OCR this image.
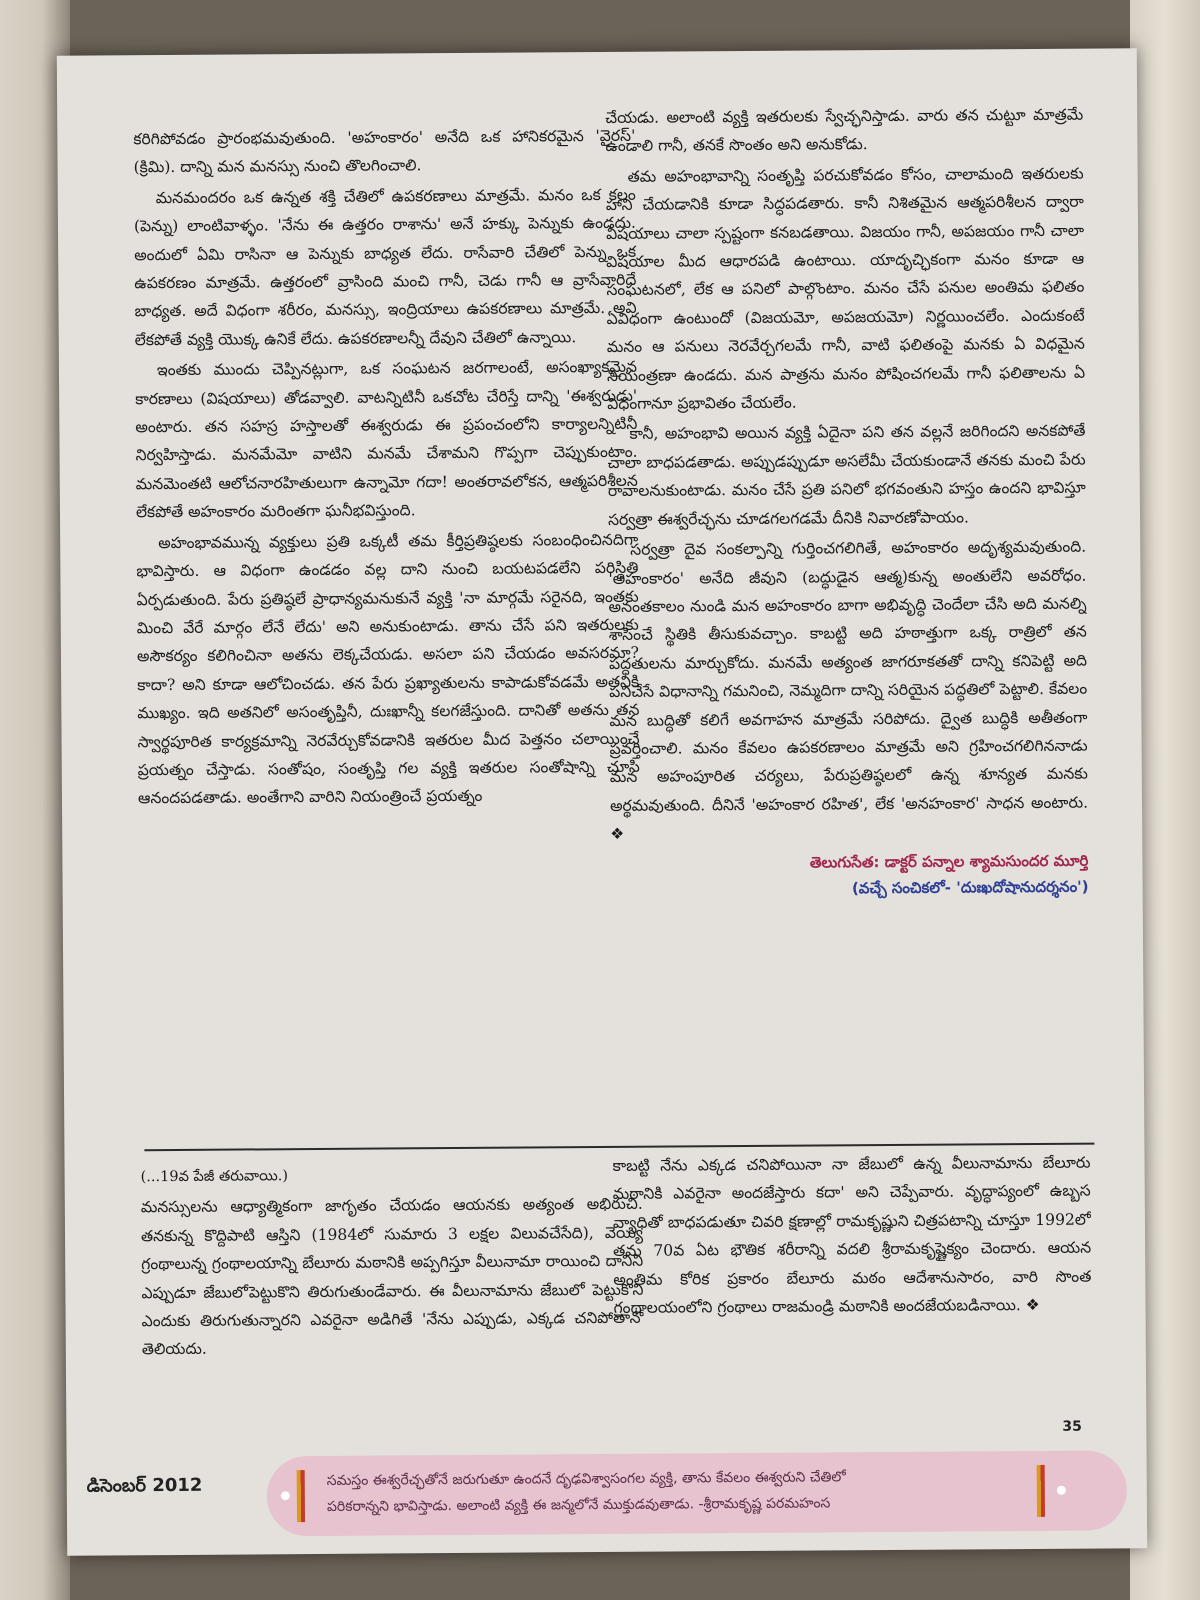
కరిగిపోవడం ప్రారంభమవుతుంది. 'అహంకారం' అనేది ఒక హానికరమైన 'వైరస్' (క్రిమి). దాన్ని మన మనస్సు నుంచి తొలగించాలి.

మనమందరం ఒక ఉన్నత శక్తి చేతిలో ఉపకరణాలు మాత్రమే. మనం ఒక కలం (పెన్ను) లాంటివాళ్ళం. 'నేను ఈ ఉత్తరం రాశాను' అనే హక్కు పెన్నుకు ఉండదు. అందులో ఏమి రాసినా ఆ పెన్నుకు బాధ్యత లేదు. రాసేవారి చేతిలో పెన్ను ఒక ఉపకరణం మాత్రమే. ఉత్తరంలో వ్రాసింది మంచి గానీ, చెడు గానీ ఆ వ్రాసేవారిదే బాధ్యత. అదే విధంగా శరీరం, మనస్సు, ఇంద్రియాలు ఉపకరణాలు మాత్రమే. అవి లేకపోతే వ్యక్తి యొక్క ఉనికే లేదు. ఉపకరణాలన్నీ దేవుని చేతిలో ఉన్నాయి.

ఇంతకు ముందు చెప్పినట్లుగా, ఒక సంఘటన జరగాలంటే, అసంఖ్యాకమైన కారణాలు (విషయాలు) తోడవ్వాలి. వాటన్నిటినీ ఒకచోట చేరిస్తే దాన్ని 'ఈశ్వరుడు' అంటారు. తన సహస్ర హస్తాలతో ఈశ్వరుడు ఈ ప్రపంచంలోని కార్యాలన్నిటినీ నిర్వహిస్తాడు. మనమేమో వాటిని మనమే చేశామని గొప్పగా చెప్పుకుంటాం. మనమెంతటి ఆలోచనారహితులుగా ఉన్నామో గదా! అంతరావలోకన, ఆత్మపరిశీలన లేకపోతే అహంకారం మరింతగా ఘనీభవిస్తుంది.

అహంభావమున్న వ్యక్తులు ప్రతి ఒక్కటీ తమ కీర్తిప్రతిష్ఠలకు సంబంధించినదిగా భావిస్తారు. ఆ విధంగా ఉండడం వల్ల దాని నుంచి బయటపడలేని పరిస్థితి ఏర్పడుతుంది. పేరు ప్రతిష్ఠలే ప్రాధాన్యమనుకునే వ్యక్తి 'నా మార్గమే సరైనది, ఇంతకు మించి వేరే మార్గం లేనే లేదు' అని అనుకుంటాడు. తాను చేసే పని ఇతరులకు అసౌకర్యం కలిగించినా అతను లెక్కచేయడు. అసలా పని చేయడం అవసరమా? కాదా? అని కూడా ఆలోచించడు. తన పేరు ప్రఖ్యాతులను కాపాడుకోవడమే అతనికి ముఖ్యం. ఇది అతనిలో అసంతృప్తినీ, దుఃఖాన్నీ కలగజేస్తుంది. దానితో అతను తన స్వార్థపూరిత కార్యక్రమాన్ని నెరవేర్చుకోవడానికి ఇతరుల మీద పెత్తనం చలాయించే ప్రయత్నం చేస్తాడు. సంతోషం, సంతృప్తి గల వ్యక్తి ఇతరుల సంతోషాన్ని చూసి ఆనందపడతాడు. అంతేగాని వారిని నియంత్రించే ప్రయత్నం

చేయడు. అలాంటి వ్యక్తి ఇతరులకు స్వేచ్ఛనిస్తాడు. వారు తన చుట్టూ మాత్రమే ఉండాలి గానీ, తనకే సొంతం అని అనుకోడు.

తమ అహంభావాన్ని సంతృప్తి పరచుకోవడం కోసం, చాలామంది ఇతరులకు హాని చేయడానికి కూడా సిద్ధపడతారు. కానీ నిశితమైన ఆత్మపరిశీలన ద్వారా విషయాలు చాలా స్పష్టంగా కనబడతాయి. విజయం గానీ, అపజయం గానీ చాలా విషయాల మీద ఆధారపడి ఉంటాయి. యాదృచ్ఛికంగా మనం కూడా ఆ సంఘటనలో, లేక ఆ పనిలో పాల్గొంటాం. మనం చేసే పనుల అంతిమ ఫలితం ఏవిధంగా ఉంటుందో (విజయమో, అపజయమో) నిర్ణయించలేం. ఎందుకంటే మనం ఆ పనులు నెరవేర్చగలమే గానీ, వాటి ఫలితంపై మనకు ఏ విధమైన నియంత్రణా ఉండదు. మన పాత్రను మనం పోషించగలమే గానీ ఫలితాలను ఏ విధంగానూ ప్రభావితం చేయలేం.

కానీ, అహంభావి అయిన వ్యక్తి ఏదైనా పని తన వల్లనే జరిగిందని అనకపోతే చాలా బాధపడతాడు. అప్పుడప్పుడూ అసలేమీ చేయకుండానే తనకు మంచి పేరు రావాలనుకుంటాడు. మనం చేసే ప్రతి పనిలో భగవంతుని హస్తం ఉందని భావిస్తూ సర్వత్రా ఈశ్వరేచ్ఛను చూడగలగడమే దీనికి నివారణోపాయం.

సర్వత్రా దైవ సంకల్పాన్ని గుర్తించగలిగితే, అహంకారం అదృశ్యమవుతుంది. 'అహంకారం' అనేది జీవుని (బద్ధుడైన ఆత్మ)కున్న అంతులేని అవరోధం. అనంతకాలం నుండి మన అహంకారం బాగా అభివృద్ధి చెందేలా చేసి అది మనల్ని శాసించే స్థితికి తీసుకువచ్చాం. కాబట్టి అది హఠాత్తుగా ఒక్క రాత్రిలో తన పద్ధతులను మార్చుకోదు. మనమే అత్యంత జాగరూకతతో దాన్ని కనిపెట్టి అది పనిచేసే విధానాన్ని గమనించి, నెమ్మదిగా దాన్ని సరియైన పద్ధతిలో పెట్టాలి. కేవలం మన బుద్ధితో కలిగే అవగాహన మాత్రమే సరిపోదు. ద్వైత బుద్ధికి అతీతంగా ప్రవర్తించాలి. మనం కేవలం ఉపకరణాలం మాత్రమే అని గ్రహించగలిగిననాడు మన అహంపూరిత చర్యలు, పేరుప్రతిష్ఠలలో ఉన్న శూన్యత మనకు అర్థమవుతుంది. దీనినే 'అహంకార రహిత', లేక 'అనహంకార' సాధన అంటారు. ❖

తెలుగుసేత: డాక్టర్ పన్నాల శ్యామసుందర మూర్తి
(వచ్చే సంచికలో- 'దుఃఖదోషానుదర్శనం')

(...19వ పేజీ తరువాయి.)

మనస్సులను ఆధ్యాత్మికంగా జాగృతం చేయడం ఆయనకు అత్యంత అభిరుచి. తనకున్న కొద్దిపాటి ఆస్తిని (1984లో సుమారు 3 లక్షల విలువచేసేది), వెయ్యి గ్రంథాలున్న గ్రంథాలయాన్ని బేలూరు మఠానికి అప్పగిస్తూ వీలునామా రాయించి దానిని ఎప్పుడూ జేబులోపెట్టుకొని తిరుగుతుండేవారు. ఈ వీలునామాను జేబులో పెట్టుకొని ఎందుకు తిరుగుతున్నారని ఎవరైనా అడిగితే 'నేను ఎప్పుడు, ఎక్కడ చనిపోతానో తెలియదు.

కాబట్టి నేను ఎక్కడ చనిపోయినా నా జేబులో ఉన్న వీలునామాను బేలూరు మఠానికి ఎవరైనా అందజేస్తారు కదా' అని చెప్పేవారు. వృద్ధాప్యంలో ఉబ్బస వ్యాధితో బాధపడుతూ చివరి క్షణాల్లో రామకృష్ణుని చిత్రపటాన్ని చూస్తూ 1992లో తమ 70వ ఏట భౌతిక శరీరాన్ని వదలి శ్రీరామకృష్ణైక్యం చెందారు. ఆయన అంతిమ కోరిక ప్రకారం బేలూరు మఠం ఆదేశానుసారం, వారి సొంత గ్రంథాలయంలోని గ్రంథాలు రాజమండ్రి మఠానికి అందజేయబడినాయి. ❖

35
డిసెంబర్ 2012	సమస్తం ఈశ్వరేచ్ఛతోనే జరుగుతూ ఉందనే దృఢవిశ్వాసంగల వ్యక్తి, తాను కేవలం ఈశ్వరుని చేతిలో
పరికరాన్నని భావిస్తాడు. అలాంటి వ్యక్తి ఈ జన్మలోనే ముక్తుడవుతాడు. -శ్రీరామకృష్ణ పరమహంస
